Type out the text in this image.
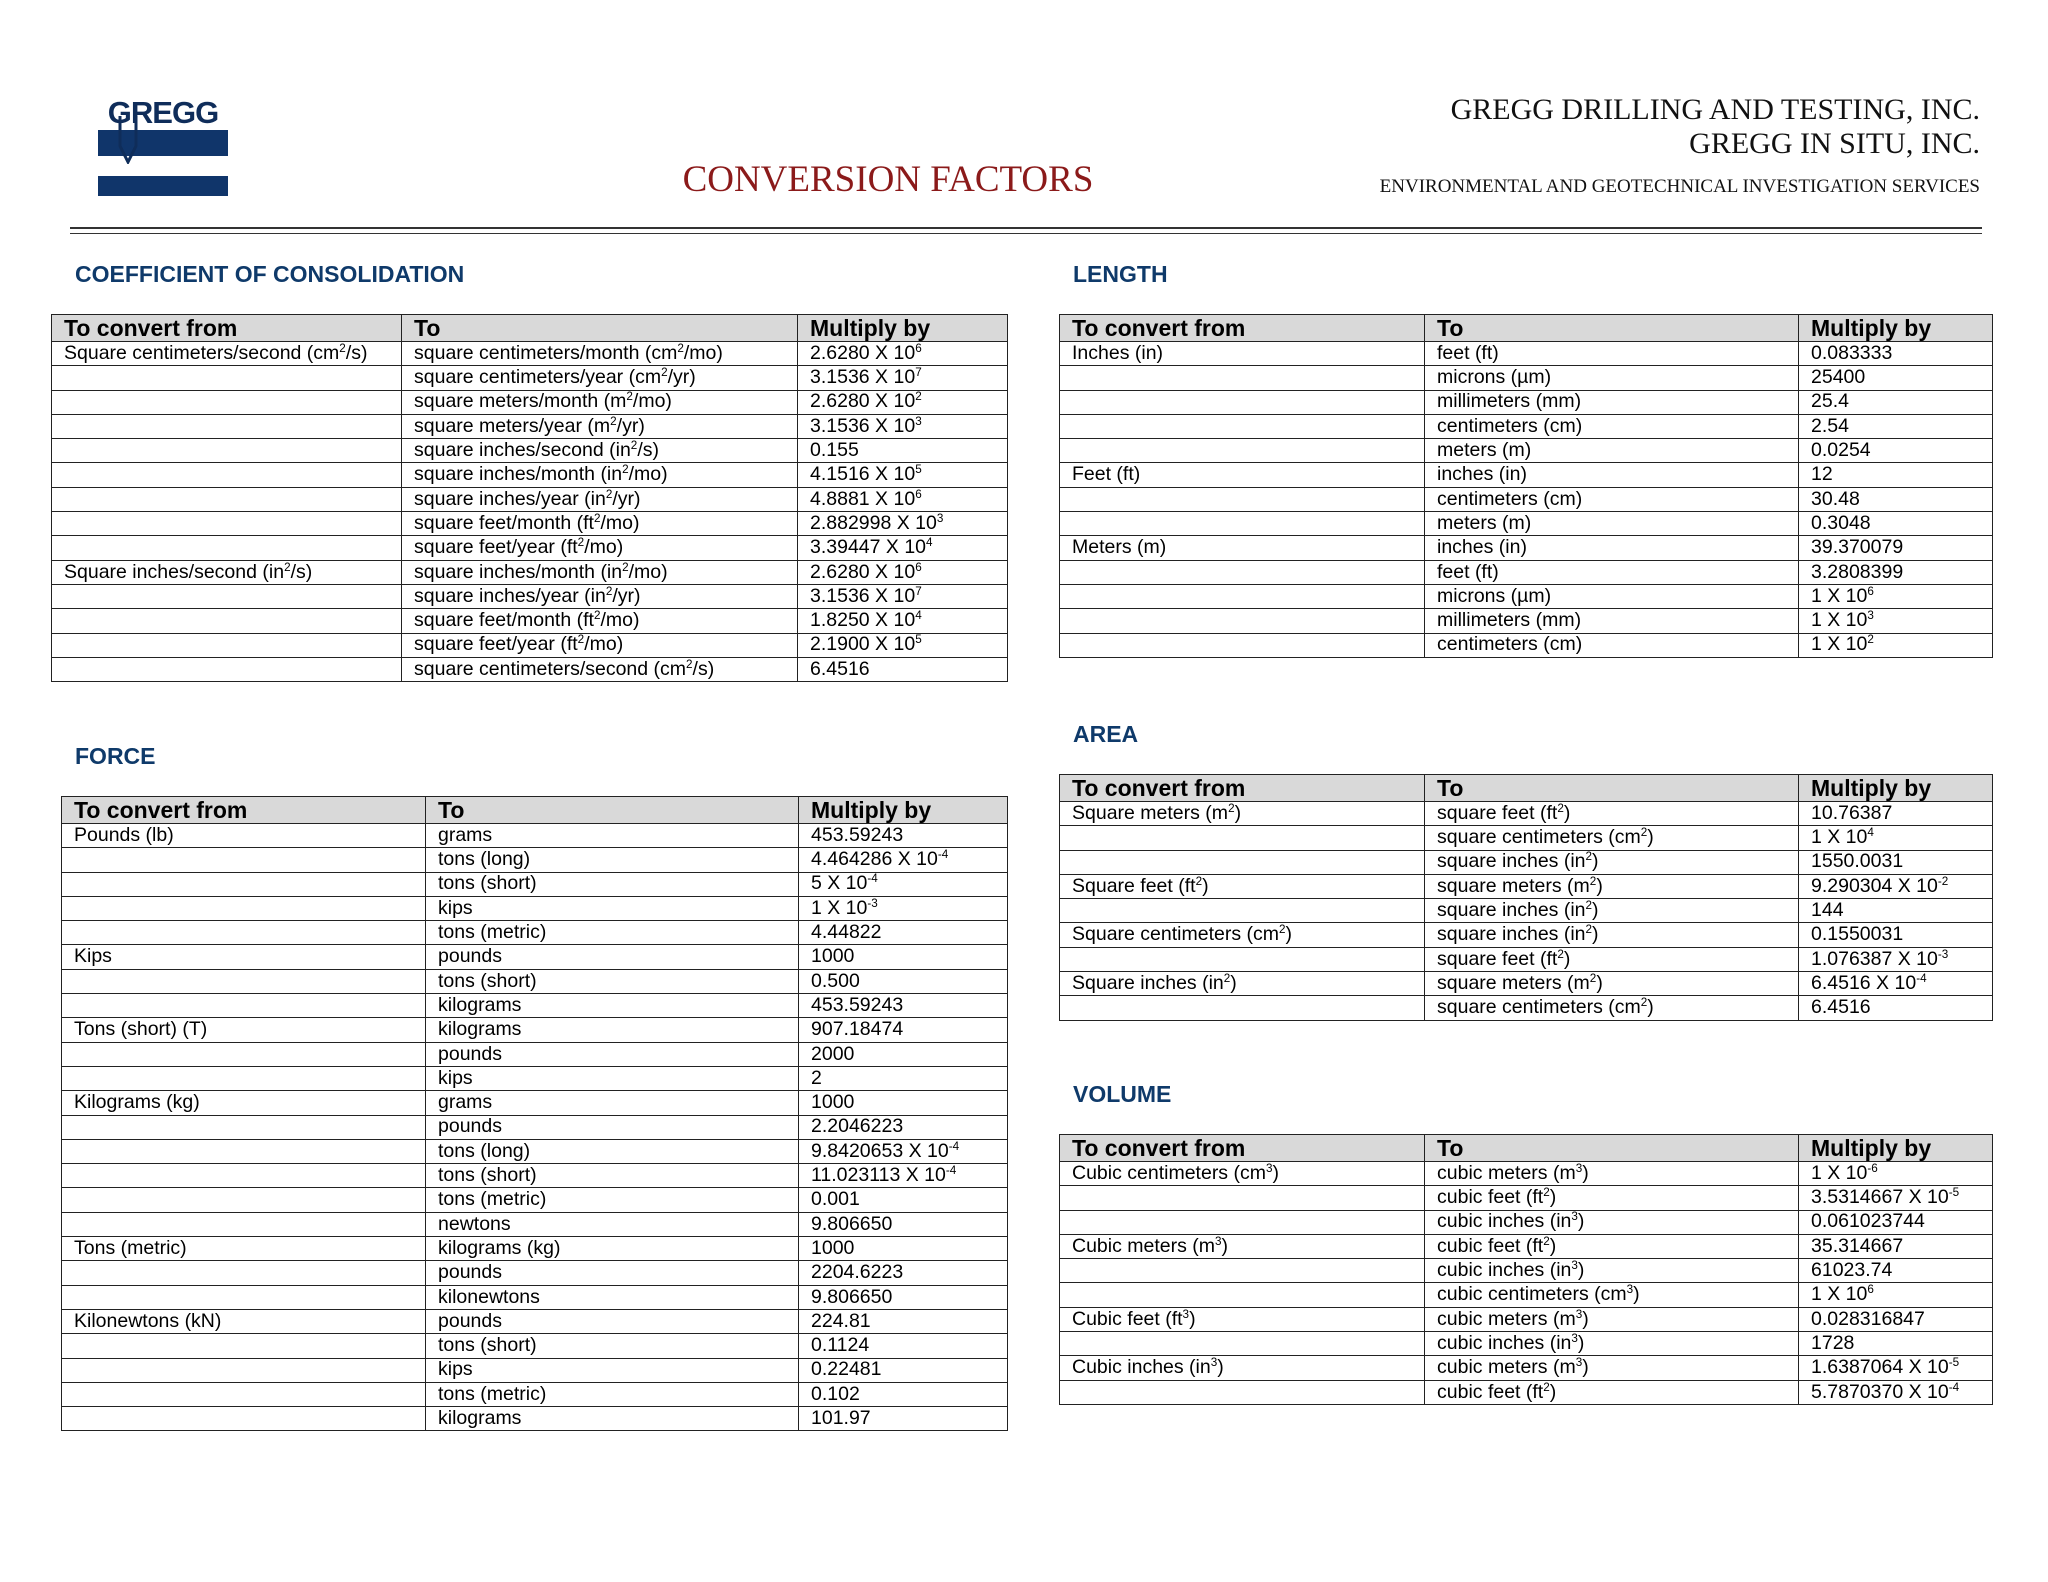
GREGG
CONVERSION FACTORS
GREGG DRILLING AND TESTING, INC.
GREGG IN SITU, INC.
ENVIRONMENTAL AND GEOTECHNICAL INVESTIGATION SERVICES
COEFFICIENT OF CONSOLIDATION
FORCE
LENGTH
AREA
VOLUME
To convert from	To	Multiply by
Square centimeters/second $(cm^2/s)$	square centimeters/month $(cm^2/mo)$	2.6280 X $10^6$
	square centimeters/year $(cm^2/yr)$	3.1536 X $10^7$
	square meters/month $(m^2/mo)$	2.6280 X $10^2$
	square meters/year $(m^2/yr)$	3.1536 X $10^3$
	square inches/second $(in^2/s)$	0.155
	square inches/month $(in^2/mo)$	4.1516 X $10^5$
	square inches/year $(in^2/yr)$	4.8881 X $10^6$
	square feet/month $(ft^2/mo)$	2.882998 X $10^3$
	square feet/year $(ft^2/mo)$	3.39447 X $10^4$
Square inches/second $(in^2/s)$	square inches/month $(in^2/mo)$	2.6280 X $10^6$
	square inches/year $(in^2/yr)$	3.1536 X $10^7$
	square feet/month $(ft^2/mo)$	1.8250 X $10^4$
	square feet/year $(ft^2/mo)$	2.1900 X $10^5$
	square centimeters/second $(cm^2/s)$	6.4516
To convert from	To	Multiply by
Pounds (lb)	grams	453.59243
	tons (long)	4.464286 X $10^{-4}$
	tons (short)	5 X $10^{-4}$
	kips	1 X $10^{-3}$
	tons (metric)	4.44822
Kips	pounds	1000
	tons (short)	0.500
	kilograms	453.59243
Tons (short) (T)	kilograms	907.18474
	pounds	2000
	kips	2
Kilograms (kg)	grams	1000
	pounds	2.2046223
	tons (long)	9.8420653 X $10^{-4}$
	tons (short)	11.023113 X $10^{-4}$
	tons (metric)	0.001
	newtons	9.806650
Tons (metric)	kilograms (kg)	1000
	pounds	2204.6223
	kilonewtons	9.806650
Kilonewtons (kN)	pounds	224.81
	tons (short)	0.1124
	kips	0.22481
	tons (metric)	0.102
	kilograms	101.97
To convert from	To	Multiply by
Inches (in)	feet (ft)	0.083333
	microns (µm)	25400
	millimeters (mm)	25.4
	centimeters (cm)	2.54
	meters (m)	0.0254
Feet (ft)	inches (in)	12
	centimeters (cm)	30.48
	meters (m)	0.3048
Meters (m)	inches (in)	39.370079
	feet (ft)	3.2808399
	microns (µm)	1 X $10^6$
	millimeters (mm)	1 X $10^3$
	centimeters (cm)	1 X $10^2$
To convert from	To	Multiply by
Square meters $(m^2)$	square feet $(ft^2)$	10.76387
	square centimeters $(cm^2)$	1 X $10^4$
	square inches $(in^2)$	1550.0031
Square feet $(ft^2)$	square meters $(m^2)$	9.290304 X $10^{-2}$
	square inches $(in^2)$	144
Square centimeters $(cm^2)$	square inches $(in^2)$	0.1550031
	square feet $(ft^2)$	1.076387 X $10^{-3}$
Square inches $(in^2)$	square meters $(m^2)$	6.4516 X $10^{-4}$
	square centimeters $(cm^2)$	6.4516
To convert from	To	Multiply by
Cubic centimeters $(cm^3)$	cubic meters $(m^3)$	1 X $10^{-6}$
	cubic feet $(ft^2)$	3.5314667 X $10^{-5}$
	cubic inches $(in^3)$	0.061023744
Cubic meters $(m^3)$	cubic feet $(ft^2)$	35.314667
	cubic inches $(in^3)$	61023.74
	cubic centimeters $(cm^3)$	1 X $10^6$
Cubic feet $(ft^3)$	cubic meters $(m^3)$	0.028316847
	cubic inches $(in^3)$	1728
Cubic inches $(in^3)$	cubic meters $(m^3)$	1.6387064 X $10^{-5}$
	cubic feet $(ft^2)$	5.7870370 X $10^{-4}$
